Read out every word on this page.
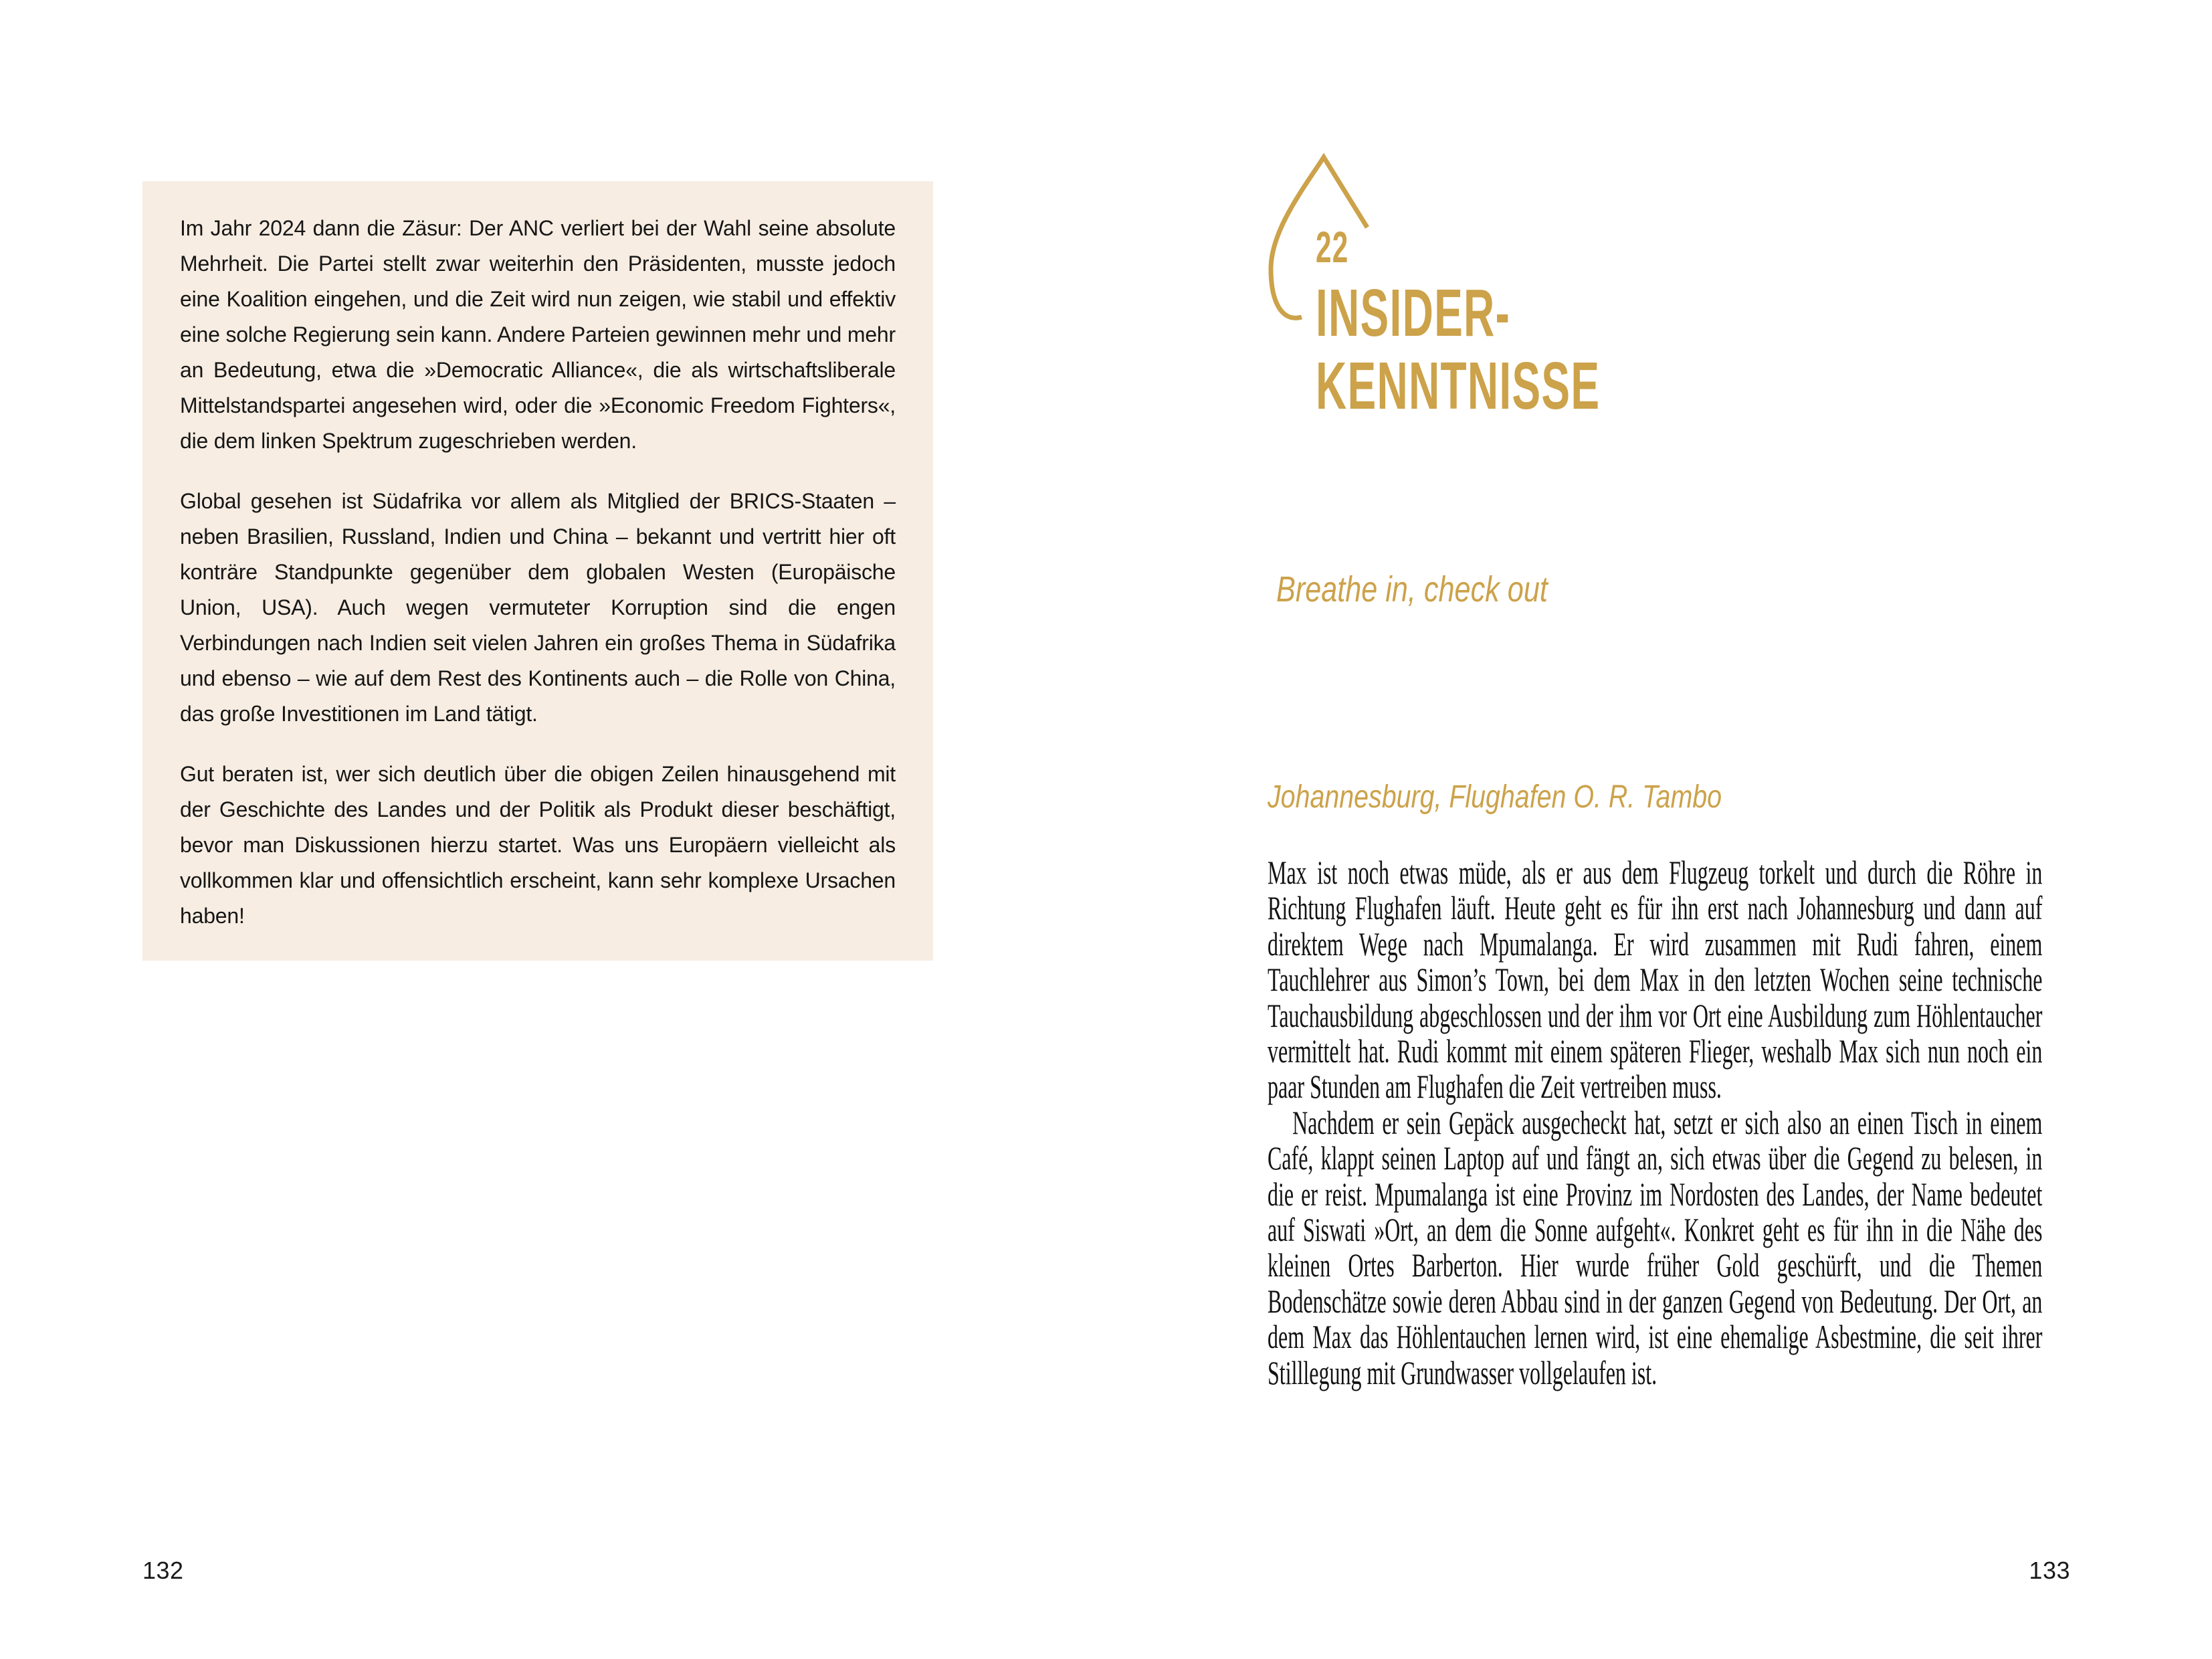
Im Jahr 2024 dann die Zäsur: Der ANC verliert bei der Wahl seine absolute Mehrheit. Die Partei stellt zwar weiterhin den Präsidenten, musste jedoch eine Koalition eingehen, und die Zeit wird nun zeigen, wie stabil und effektiv eine solche Regierung sein kann. Andere Parteien gewinnen mehr und mehr an Bedeutung, etwa die »Democratic Alliance«, die als wirtschaftsliberale Mittelstandspartei angesehen wird, oder die »Economic Freedom Fighters«, die dem linken Spektrum zugeschrieben werden.

Global gesehen ist Südafrika vor allem als Mitglied der BRICS-Staaten – neben Brasilien, Russland, Indien und China – bekannt und vertritt hier oft konträre Standpunkte gegenüber dem globalen Westen (Europäische Union, USA). Auch wegen vermuteter Korruption sind die engen Verbindungen nach Indien seit vielen Jahren ein großes Thema in Südafrika und ebenso – wie auf dem Rest des Kontinents auch – die Rolle von China, das große Investitionen im Land tätigt.

Gut beraten ist, wer sich deutlich über die obigen Zeilen hinausgehend mit der Geschichte des Landes und der Politik als Produkt dieser beschäftigt, bevor man Diskussionen hierzu startet. Was uns Europäern vielleicht als vollkommen klar und offensichtlich erscheint, kann sehr komplexe Ursachen haben!

132
22
INSIDER-
KENNTNISSE
Breathe in, check out
Johannesburg, Flughafen O. R. Tambo

Max ist noch etwas müde, als er aus dem Flugzeug torkelt und durch die Röhre in Richtung Flughafen läuft. Heute geht es für ihn erst nach Johannesburg und dann auf direktem Wege nach Mpumalanga. Er wird zusammen mit Rudi fahren, einem Tauchlehrer aus Simon’s Town, bei dem Max in den letzten Wochen seine technische Tauchausbildung abgeschlossen und der ihm vor Ort eine Ausbildung zum Höhlentaucher vermittelt hat. Rudi kommt mit einem späteren Flieger, weshalb Max sich nun noch ein paar Stunden am Flughafen die Zeit vertreiben muss.

Nachdem er sein Gepäck ausgecheckt hat, setzt er sich also an einen Tisch in einem Café, klappt seinen Laptop auf und fängt an, sich etwas über die Gegend zu belesen, in die er reist. Mpumalanga ist eine Provinz im Nordosten des Landes, der Name bedeutet auf Siswati »Ort, an dem die Sonne aufgeht«. Konkret geht es für ihn in die Nähe des kleinen Ortes Barberton. Hier wurde früher Gold geschürft, und die Themen Bodenschätze sowie deren Abbau sind in der ganzen Gegend von Bedeutung. Der Ort, an dem Max das Höhlentauchen lernen wird, ist eine ehemalige Asbestmine, die seit ihrer Stilllegung mit Grundwasser vollgelaufen ist.

133
